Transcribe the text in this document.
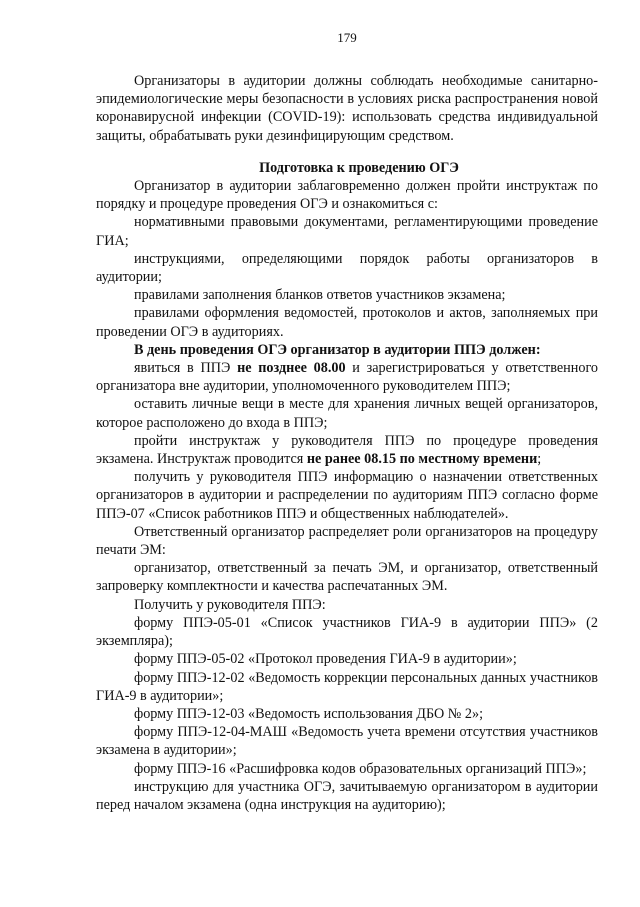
179

Организаторы в аудитории должны соблюдать необходимые санитарно-эпидемиологические меры безопасности в условиях риска распространения новой коронавирусной инфекции (COVID-19): использовать средства индивидуальной защиты, обрабатывать руки дезинфицирующим средством.

Подготовка к проведению ОГЭ

Организатор в аудитории заблаговременно должен пройти инструктаж по порядку и процедуре проведения ОГЭ и ознакомиться с:

нормативными правовыми документами, регламентирующими проведение ГИА;

инструкциями, определяющими порядок работы организаторов в аудитории;

правилами заполнения бланков ответов участников экзамена;

правилами оформления ведомостей, протоколов и актов, заполняемых при проведении ОГЭ в аудиториях.

В день проведения ОГЭ организатор в аудитории ППЭ должен:

явиться в ППЭ не позднее 08.00 и зарегистрироваться у ответственного организатора вне аудитории, уполномоченного руководителем ППЭ;

оставить личные вещи в месте для хранения личных вещей организаторов, которое расположено до входа в ППЭ;

пройти инструктаж у руководителя ППЭ по процедуре проведения экзамена. Инструктаж проводится не ранее 08.15 по местному времени;

получить у руководителя ППЭ информацию о назначении ответственных организаторов в аудитории и распределении по аудиториям ППЭ согласно форме ППЭ-07 «Список работников ППЭ и общественных наблюдателей».

Ответственный организатор распределяет роли организаторов на процедуру печати ЭМ:

организатор, ответственный за печать ЭМ, и организатор, ответственный запроверку комплектности и качества распечатанных ЭМ.

Получить у руководителя ППЭ:

форму ППЭ-05-01 «Список участников ГИА-9 в аудитории ППЭ» (2 экземпляра);

форму ППЭ-05-02 «Протокол проведения ГИА-9 в аудитории»;

форму ППЭ-12-02 «Ведомость коррекции персональных данных участников ГИА-9 в аудитории»;

форму ППЭ-12-03 «Ведомость использования ДБО № 2»;

форму ППЭ-12-04-МАШ «Ведомость учета времени отсутствия участников экзамена в аудитории»;

форму ППЭ-16 «Расшифровка кодов образовательных организаций ППЭ»;

инструкцию для участника ОГЭ, зачитываемую организатором в аудитории перед началом экзамена (одна инструкция на аудиторию);
